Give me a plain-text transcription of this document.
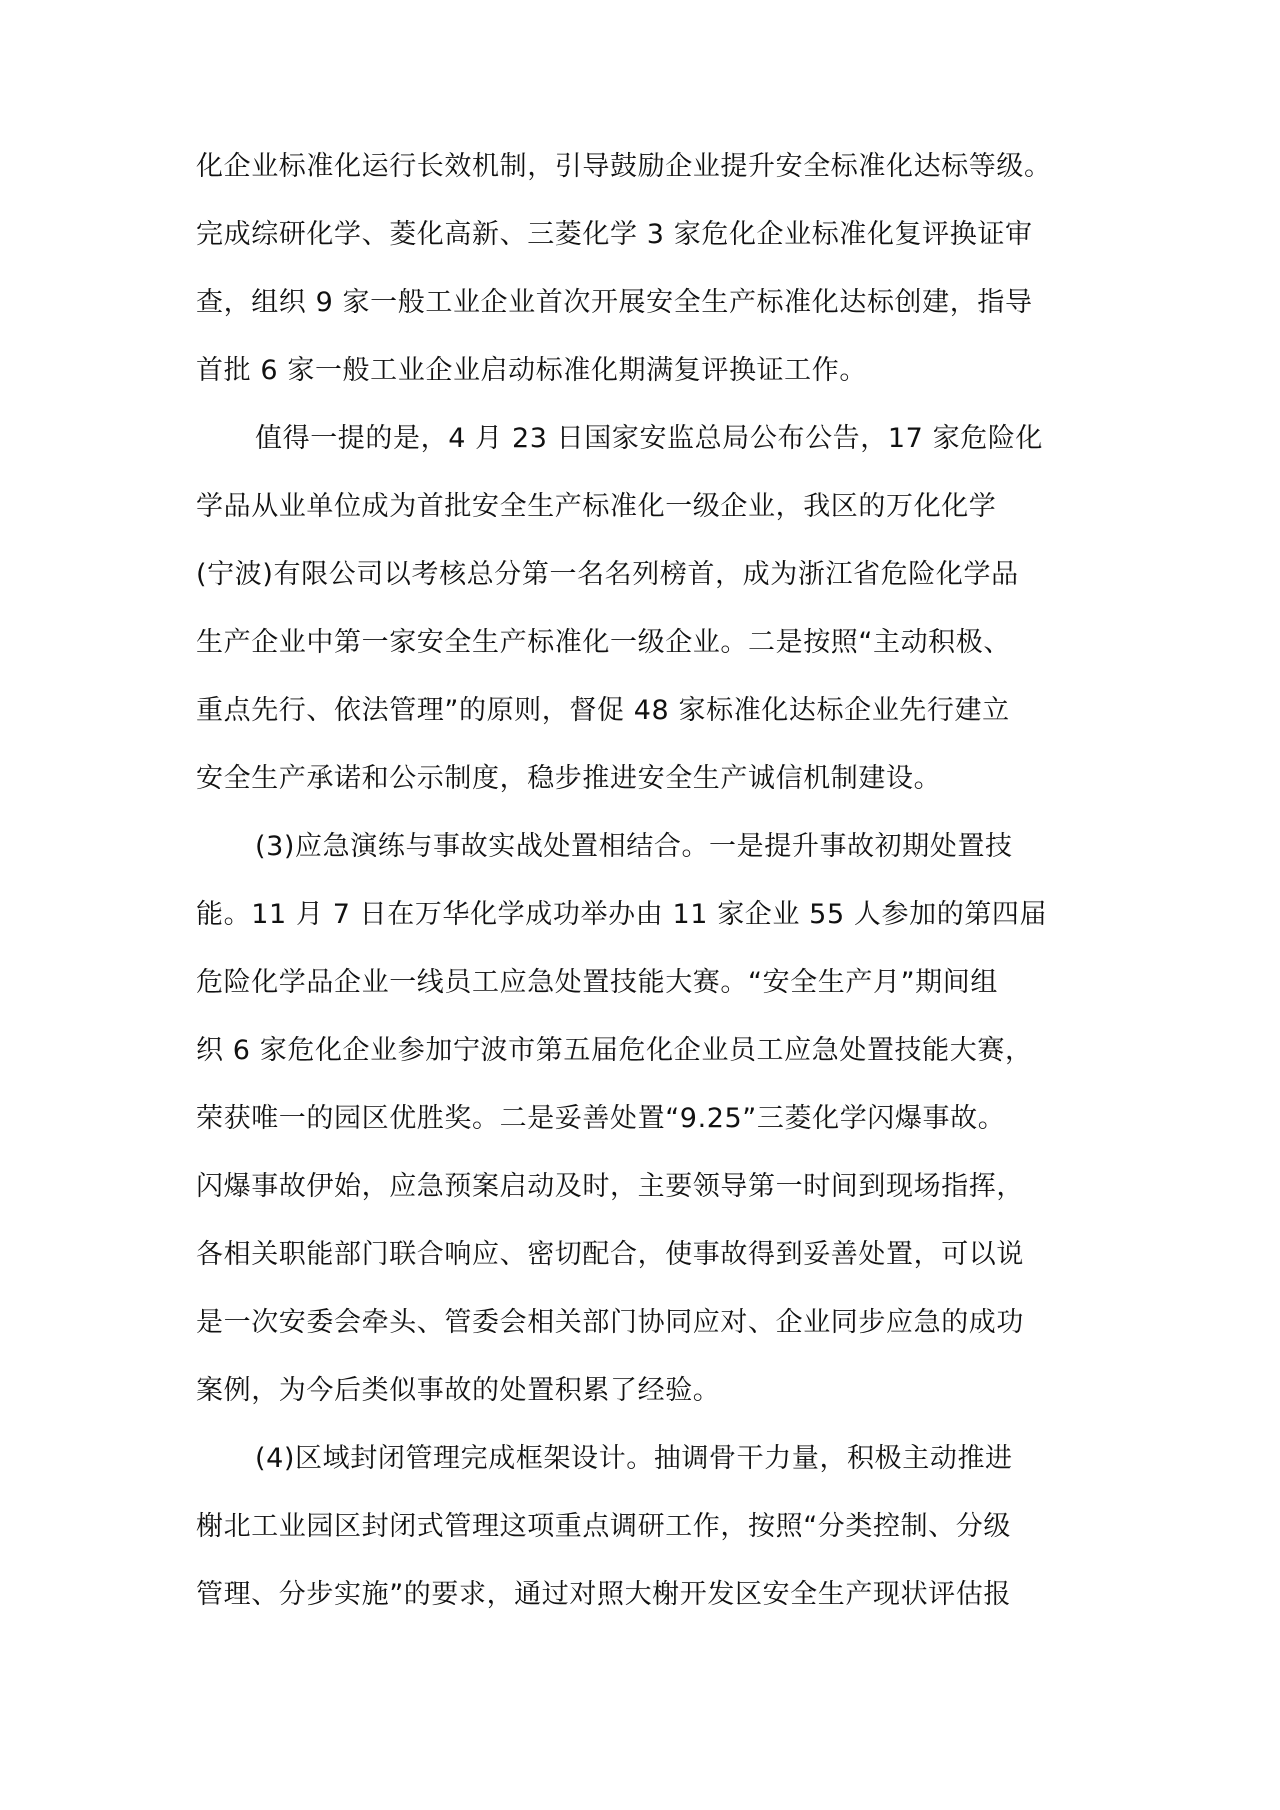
化企业标准化运行长效机制，引导鼓励企业提升安全标准化达标等级。
完成综研化学、菱化高新、三菱化学 3 家危化企业标准化复评换证审
查，组织 9 家一般工业企业首次开展安全生产标准化达标创建，指导
首批 6 家一般工业企业启动标准化期满复评换证工作。
值得一提的是，4 月 23 日国家安监总局公布公告，17 家危险化
学品从业单位成为首批安全生产标准化一级企业，我区的万化化学
(宁波)有限公司以考核总分第一名名列榜首，成为浙江省危险化学品
生产企业中第一家安全生产标准化一级企业。二是按照“主动积极、
重点先行、依法管理”的原则，督促 48 家标准化达标企业先行建立
安全生产承诺和公示制度，稳步推进安全生产诚信机制建设。
(3)应急演练与事故实战处置相结合。一是提升事故初期处置技
能。11 月 7 日在万华化学成功举办由 11 家企业 55 人参加的第四届
危险化学品企业一线员工应急处置技能大赛。“安全生产月”期间组
织 6 家危化企业参加宁波市第五届危化企业员工应急处置技能大赛，
荣获唯一的园区优胜奖。二是妥善处置“9.25”三菱化学闪爆事故。
闪爆事故伊始，应急预案启动及时，主要领导第一时间到现场指挥，
各相关职能部门联合响应、密切配合，使事故得到妥善处置，可以说
是一次安委会牵头、管委会相关部门协同应对、企业同步应急的成功
案例，为今后类似事故的处置积累了经验。
(4)区域封闭管理完成框架设计。抽调骨干力量，积极主动推进
榭北工业园区封闭式管理这项重点调研工作，按照“分类控制、分级
管理、分步实施”的要求，通过对照大榭开发区安全生产现状评估报
